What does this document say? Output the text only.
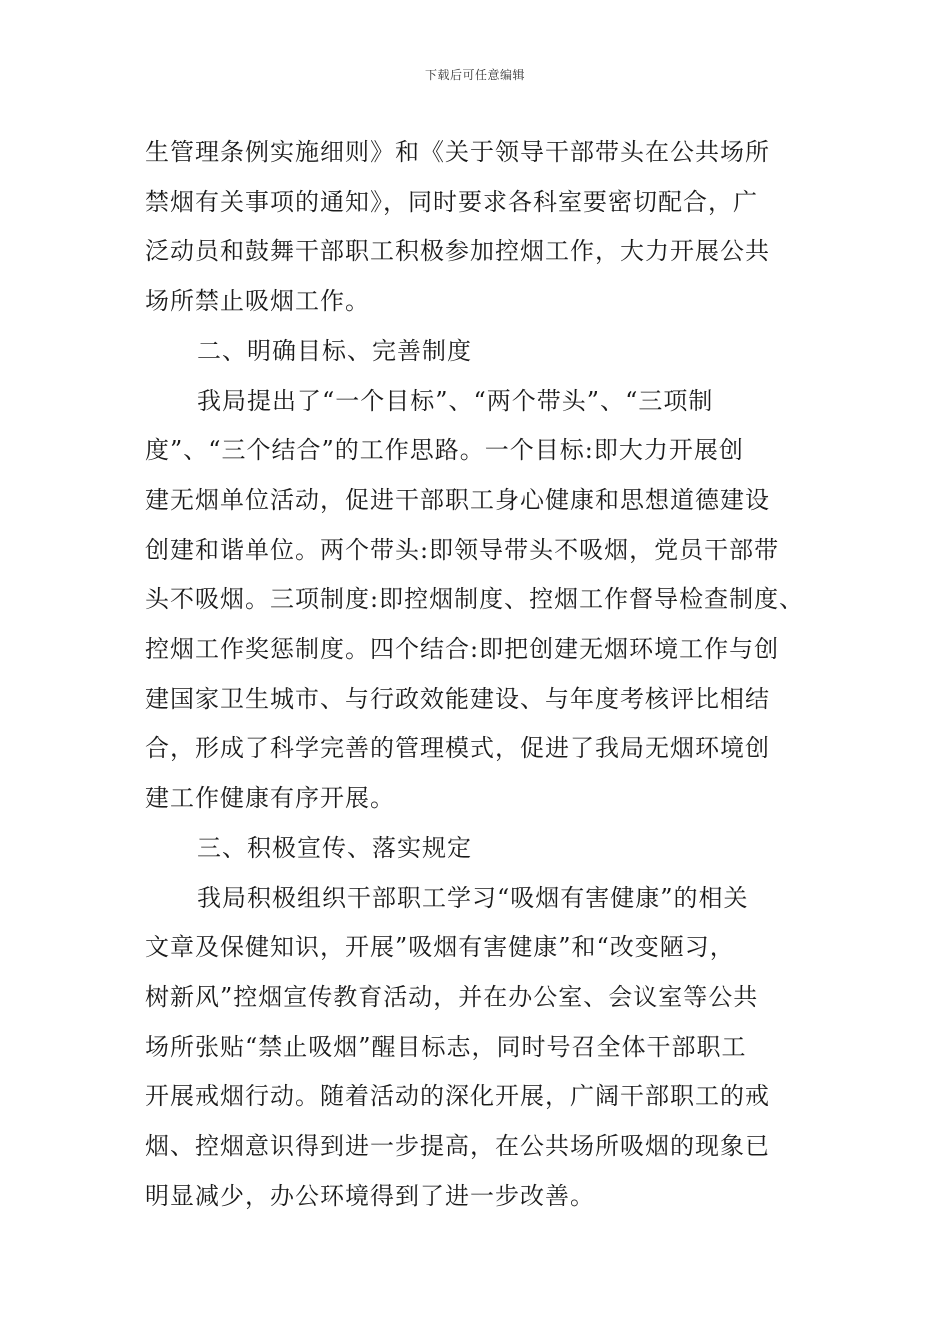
下载后可任意编辑
生管理条例实施细则》和《关于领导干部带头在公共场所
禁烟有关事项的通知》，同时要求各科室要密切配合，广
泛动员和鼓舞干部职工积极参加控烟工作，大力开展公共
场所禁止吸烟工作。
二、明确目标、完善制度
我局提出了“一个目标”、“两个带头”、“三项制
度”、“三个结合”的工作思路。一个目标:即大力开展创
建无烟单位活动，促进干部职工身心健康和思想道德建设
创建和谐单位。两个带头:即领导带头不吸烟，党员干部带
头不吸烟。三项制度:即控烟制度、控烟工作督导检查制度、
控烟工作奖惩制度。四个结合:即把创建无烟环境工作与创
建国家卫生城市、与行政效能建设、与年度考核评比相结
合，形成了科学完善的管理模式，促进了我局无烟环境创
建工作健康有序开展。
三、积极宣传、落实规定
我局积极组织干部职工学习“吸烟有害健康”的相关
文章及保健知识，开展”吸烟有害健康”和“改变陋习，
树新风”控烟宣传教育活动，并在办公室、会议室等公共
场所张贴“禁止吸烟”醒目标志，同时号召全体干部职工
开展戒烟行动。随着活动的深化开展，广阔干部职工的戒
烟、控烟意识得到进一步提高，在公共场所吸烟的现象已
明显减少，办公环境得到了进一步改善。
